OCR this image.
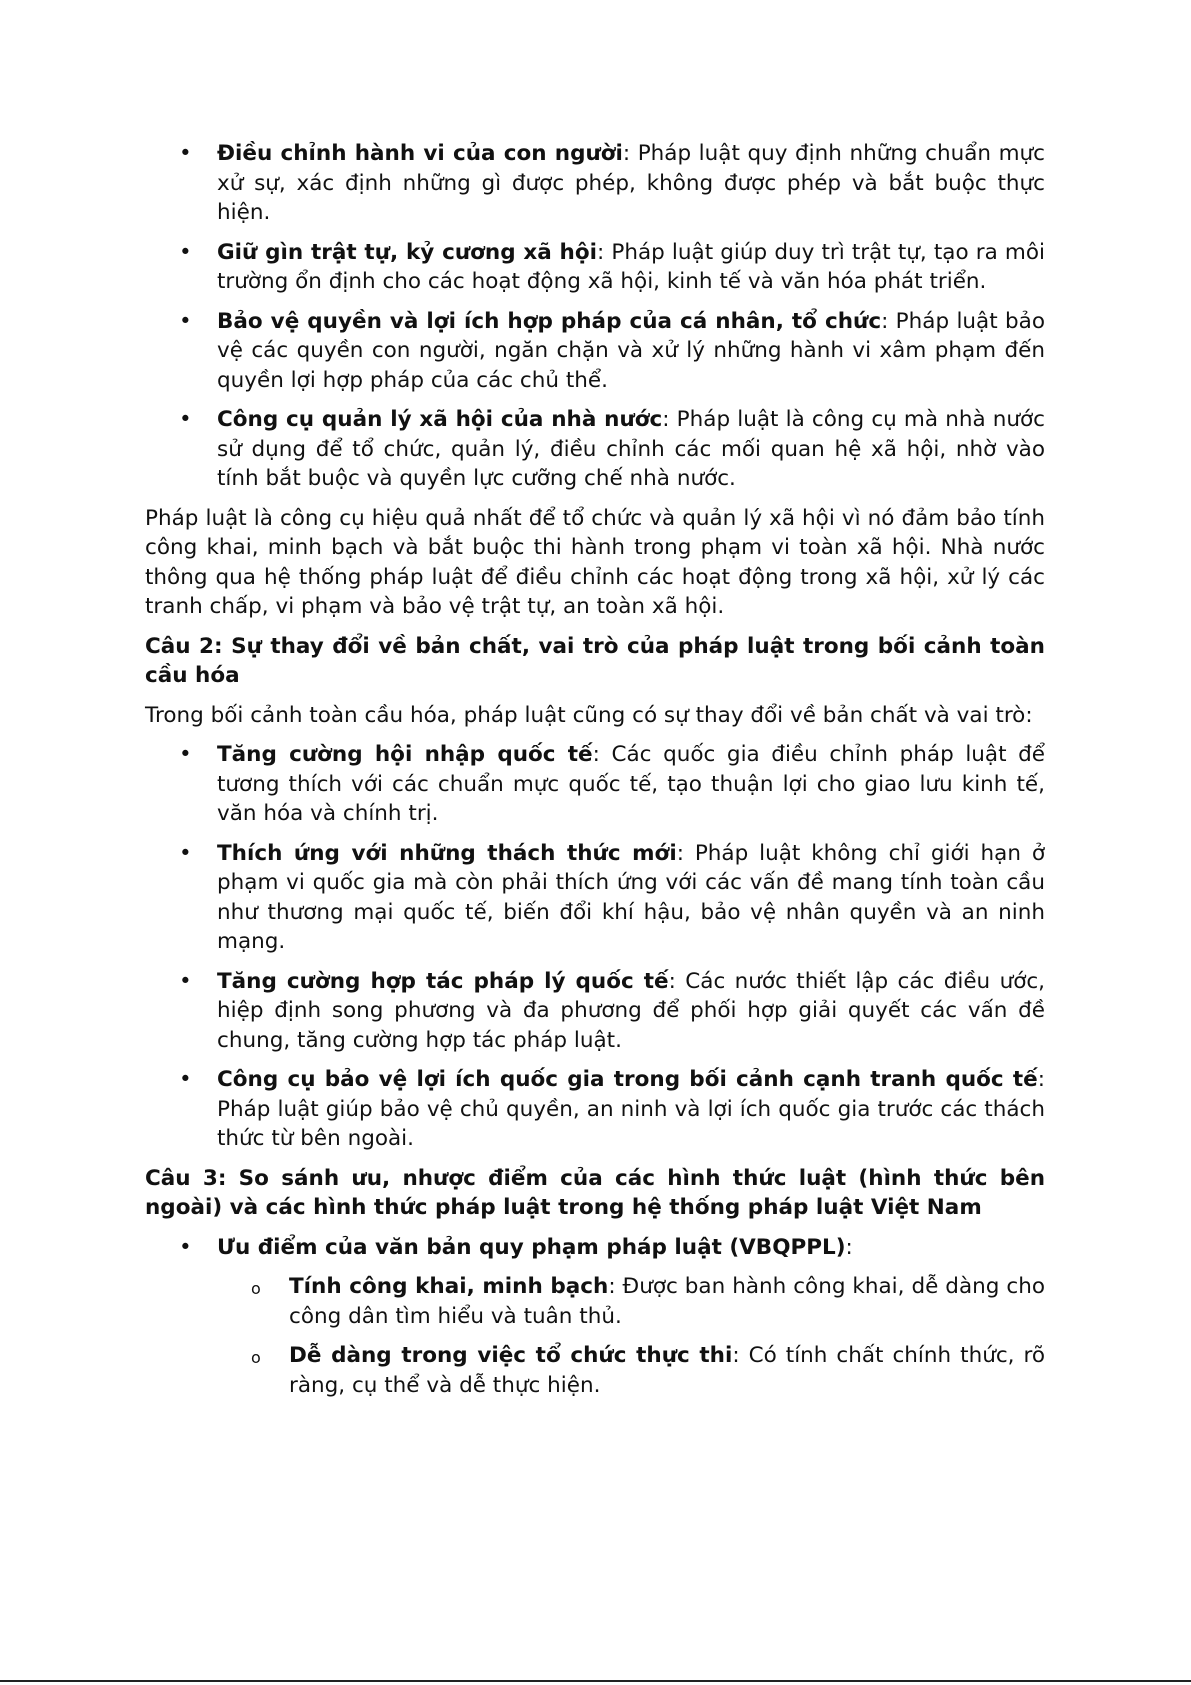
• Điều chỉnh hành vi của con người: Pháp luật quy định những chuẩn mực xử sự, xác định những gì được phép, không được phép và bắt buộc thực hiện.

• Giữ gìn trật tự, kỷ cương xã hội: Pháp luật giúp duy trì trật tự, tạo ra môi trường ổn định cho các hoạt động xã hội, kinh tế và văn hóa phát triển.

• Bảo vệ quyền và lợi ích hợp pháp của cá nhân, tổ chức: Pháp luật bảo vệ các quyền con người, ngăn chặn và xử lý những hành vi xâm phạm đến quyền lợi hợp pháp của các chủ thể.

• Công cụ quản lý xã hội của nhà nước: Pháp luật là công cụ mà nhà nước sử dụng để tổ chức, quản lý, điều chỉnh các mối quan hệ xã hội, nhờ vào tính bắt buộc và quyền lực cưỡng chế nhà nước.

Pháp luật là công cụ hiệu quả nhất để tổ chức và quản lý xã hội vì nó đảm bảo tính công khai, minh bạch và bắt buộc thi hành trong phạm vi toàn xã hội. Nhà nước thông qua hệ thống pháp luật để điều chỉnh các hoạt động trong xã hội, xử lý các tranh chấp, vi phạm và bảo vệ trật tự, an toàn xã hội.

Câu 2: Sự thay đổi về bản chất, vai trò của pháp luật trong bối cảnh toàn cầu hóa

Trong bối cảnh toàn cầu hóa, pháp luật cũng có sự thay đổi về bản chất và vai trò:

• Tăng cường hội nhập quốc tế: Các quốc gia điều chỉnh pháp luật để tương thích với các chuẩn mực quốc tế, tạo thuận lợi cho giao lưu kinh tế, văn hóa và chính trị.

• Thích ứng với những thách thức mới: Pháp luật không chỉ giới hạn ở phạm vi quốc gia mà còn phải thích ứng với các vấn đề mang tính toàn cầu như thương mại quốc tế, biến đổi khí hậu, bảo vệ nhân quyền và an ninh mạng.

• Tăng cường hợp tác pháp lý quốc tế: Các nước thiết lập các điều ước, hiệp định song phương và đa phương để phối hợp giải quyết các vấn đề chung, tăng cường hợp tác pháp luật.

• Công cụ bảo vệ lợi ích quốc gia trong bối cảnh cạnh tranh quốc tế: Pháp luật giúp bảo vệ chủ quyền, an ninh và lợi ích quốc gia trước các thách thức từ bên ngoài.

Câu 3: So sánh ưu, nhược điểm của các hình thức luật (hình thức bên ngoài) và các hình thức pháp luật trong hệ thống pháp luật Việt Nam

• Ưu điểm của văn bản quy phạm pháp luật (VBQPPL):

o Tính công khai, minh bạch: Được ban hành công khai, dễ dàng cho công dân tìm hiểu và tuân thủ.

o Dễ dàng trong việc tổ chức thực thi: Có tính chất chính thức, rõ ràng, cụ thể và dễ thực hiện.
